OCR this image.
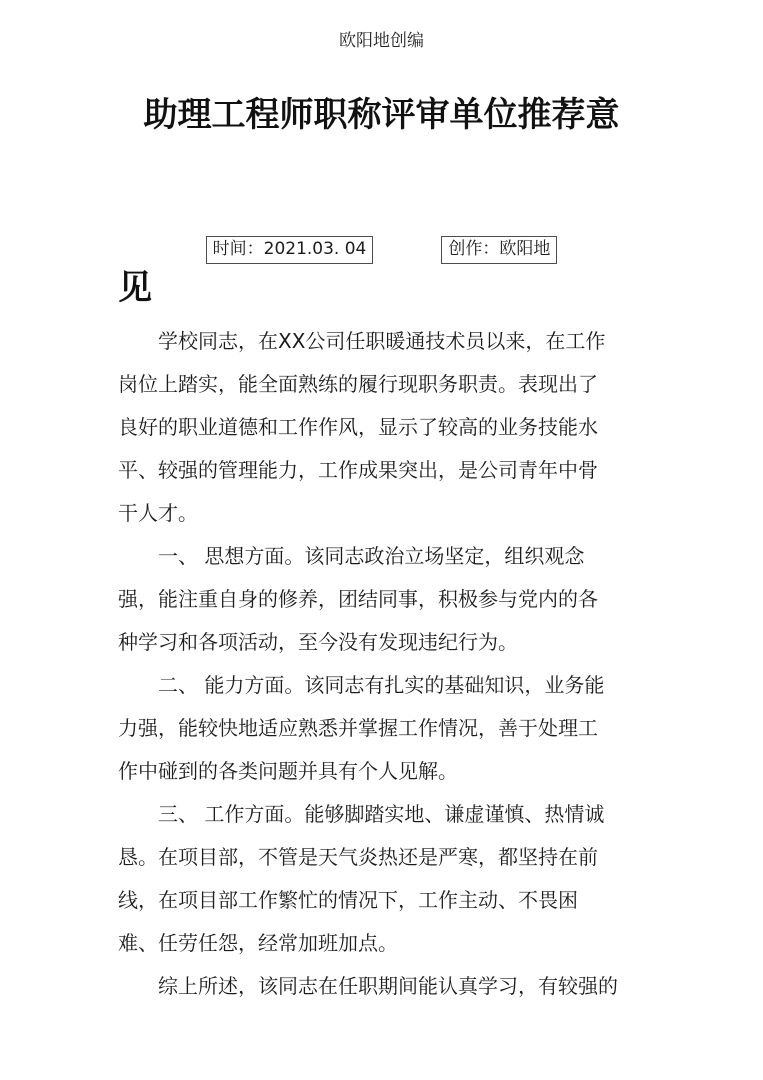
欧阳地创编
助理工程师职称评审单位推荐意
时间：2021.03. 04	创作：欧阳地
见
　　学校同志，在XX公司任职暖通技术员以来，在工作
岗位上踏实，能全面熟练的履行现职务职责。表现出了
良好的职业道德和工作作风，显示了较高的业务技能水
平、较强的管理能力，工作成果突出，是公司青年中骨
干人才。
　　一、 思想方面。该同志政治立场坚定，组织观念
强，能注重自身的修养，团结同事，积极参与党内的各
种学习和各项活动，至今没有发现违纪行为。
　　二、 能力方面。该同志有扎实的基础知识，业务能
力强，能较快地适应熟悉并掌握工作情况，善于处理工
作中碰到的各类问题并具有个人见解。
　　三、 工作方面。能够脚踏实地、谦虚谨慎、热情诚
恳。在项目部，不管是天气炎热还是严寒，都坚持在前
线，在项目部工作繁忙的情况下，工作主动、不畏困
难、任劳任怨，经常加班加点。
　　综上所述，该同志在任职期间能认真学习，有较强的
